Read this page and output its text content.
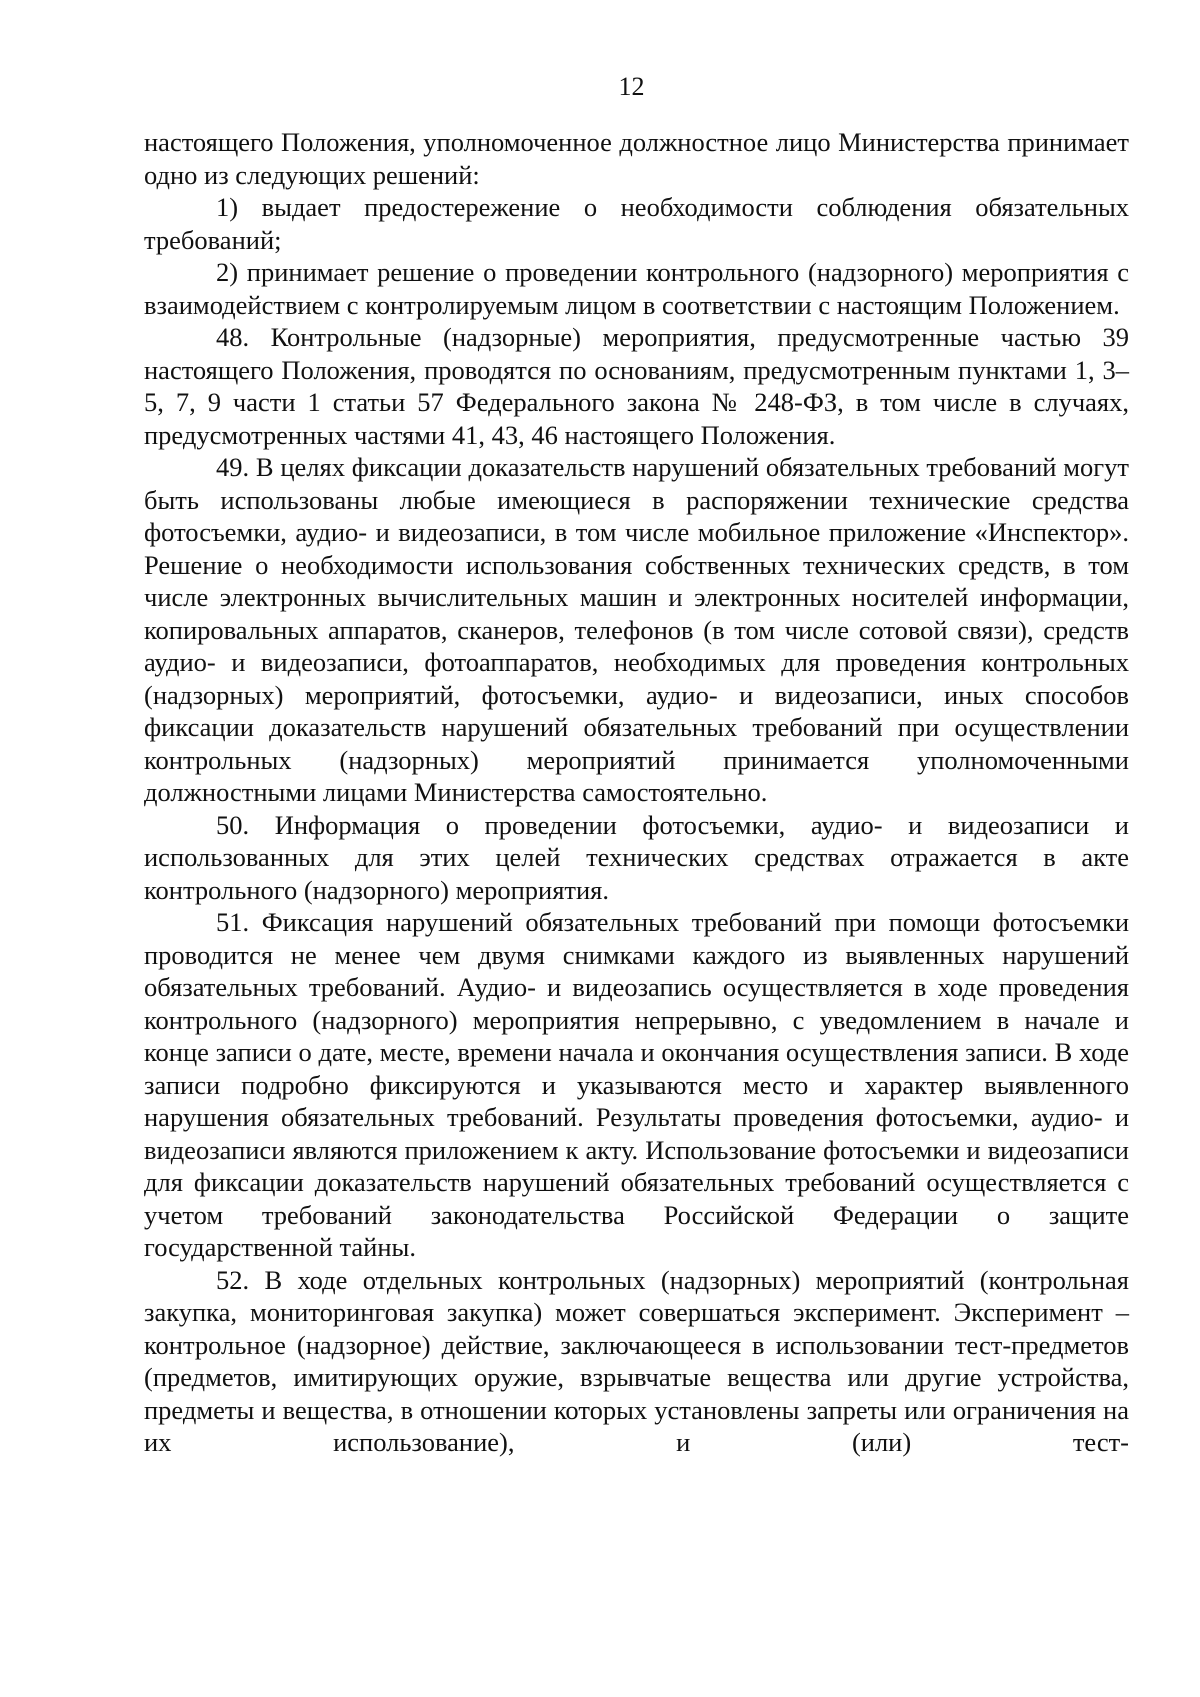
12

настоящего Положения, уполномоченное должностное лицо Министерства принимает одно из следующих решений:

1) выдает предостережение о необходимости соблюдения обязательных требований;

2) принимает решение о проведении контрольного (надзорного) мероприятия с взаимодействием с контролируемым лицом в соответствии с настоящим Положением.

48. Контрольные (надзорные) мероприятия, предусмотренные частью 39 настоящего Положения, проводятся по основаниям, предусмотренным пунктами 1, 3–5, 7, 9 части 1 статьи 57 Федерального закона № 248-ФЗ, в том числе в случаях, предусмотренных частями 41, 43, 46 настоящего Положения.

49. В целях фиксации доказательств нарушений обязательных требований могут быть использованы любые имеющиеся в распоряжении технические средства фотосъемки, аудио- и видеозаписи, в том числе мобильное приложение «Инспектор». Решение о необходимости использования собственных технических средств, в том числе электронных вычислительных машин и электронных носителей информации, копировальных аппаратов, сканеров, телефонов (в том числе сотовой связи), средств аудио- и видеозаписи, фотоаппаратов, необходимых для проведения контрольных (надзорных) мероприятий, фотосъемки, аудио- и видеозаписи, иных способов фиксации доказательств нарушений обязательных требований при осуществлении контрольных (надзорных) мероприятий принимается уполномоченными должностными лицами Министерства самостоятельно.

50. Информация о проведении фотосъемки, аудио- и видеозаписи и использованных для этих целей технических средствах отражается в акте контрольного (надзорного) мероприятия.

51. Фиксация нарушений обязательных требований при помощи фотосъемки проводится не менее чем двумя снимками каждого из выявленных нарушений обязательных требований. Аудио- и видеозапись осуществляется в ходе проведения контрольного (надзорного) мероприятия непрерывно, с уведомлением в начале и конце записи о дате, месте, времени начала и окончания осуществления записи. В ходе записи подробно фиксируются и указываются место и характер выявленного нарушения обязательных требований. Результаты проведения фотосъемки, аудио- и видеозаписи являются приложением к акту. Использование фотосъемки и видеозаписи для фиксации доказательств нарушений обязательных требований осуществляется с учетом требований законодательства Российской Федерации о защите государственной тайны.

52. В ходе отдельных контрольных (надзорных) мероприятий (контрольная закупка, мониторинговая закупка) может совершаться эксперимент. Эксперимент – контрольное (надзорное) действие, заключающееся в использовании тест-предметов (предметов, имитирующих оружие, взрывчатые вещества или другие устройства, предметы и вещества, в отношении которых установлены запреты или ограничения на их использование), и (или) тест-
